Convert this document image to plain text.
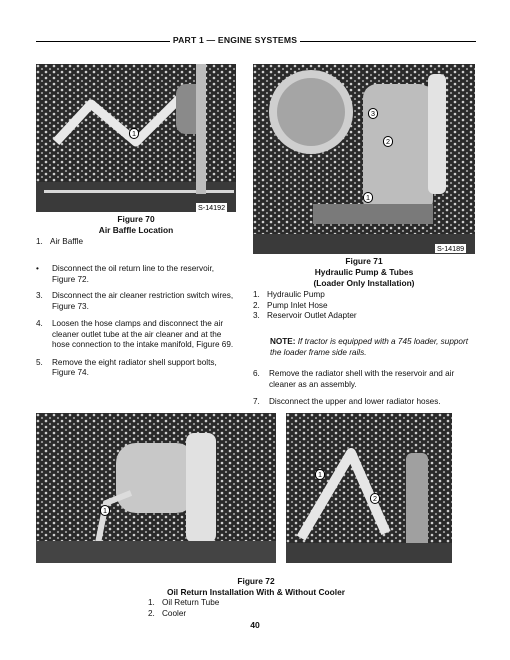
PART 1 — ENGINE SYSTEMS
1
S-14192
Figure 70
Air Baffle Location
1. Air Baffle
3
2
1
S-14189
Figure 71
Hydraulic Pump & Tubes
(Loader Only Installation)
1. Hydraulic Pump
2. Pump Inlet Hose
3. Reservoir Outlet Adapter
•	Disconnect the oil return line to the reservoir, Figure 72.
3.	Disconnect the air cleaner restriction switch wires, Figure 73.
4.	Loosen the hose clamps and disconnect the air cleaner outlet tube at the air cleaner and at the hose connection to the intake manifold, Figure 69.
5.	Remove the eight radiator shell support bolts, Figure 74.
NOTE: If tractor is equipped with a 745 loader, support the loader frame side rails.
6.	Remove the radiator shell with the reservoir and air cleaner as an assembly.
7.	Disconnect the upper and lower radiator hoses.
1
1
2
Figure 72
Oil Return Installation With & Without Cooler
1. Oil Return Tube
2. Cooler
40
